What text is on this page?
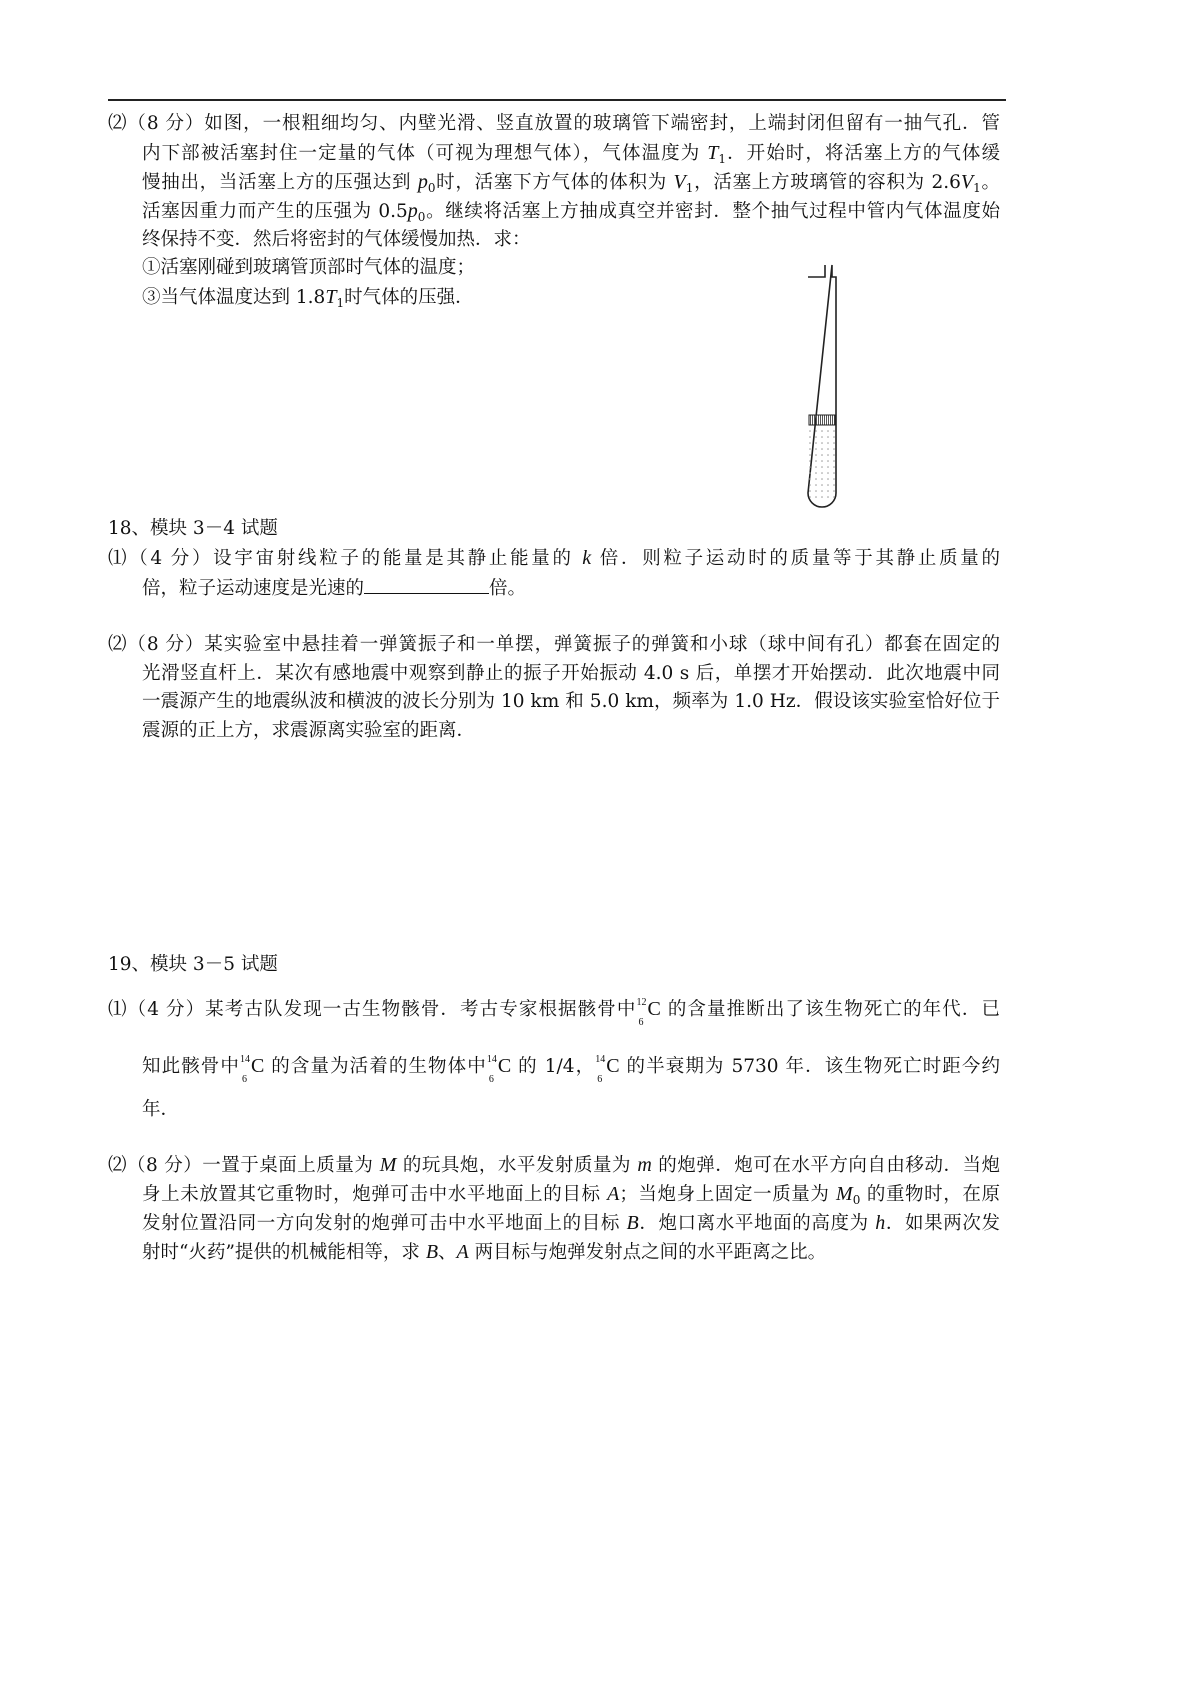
⑵（8 分）如图，一根粗细均匀、内壁光滑、竖直放置的玻璃管下端密封，上端封闭但留有一抽气孔．管
内下部被活塞封住一定量的气体（可视为理想气体），气体温度为 $T_1$．开始时，将活塞上方的气体缓
慢抽出，当活塞上方的压强达到 $p_0$时，活塞下方气体的体积为 $V_1$，活塞上方玻璃管的容积为 $2.6V_1$。
活塞因重力而产生的压强为 $0.5p_0$。继续将活塞上方抽成真空并密封．整个抽气过程中管内气体温度始
终保持不变．然后将密封的气体缓慢加热．求：
①活塞刚碰到玻璃管顶部时气体的温度；
③当气体温度达到 $1.8T_1$时气体的压强．
18、模块 3－4 试题
⑴（4 分）设宇宙射线粒子的能量是其静止能量的 k 倍．则粒子运动时的质量等于其静止质量的
倍，粒子运动速度是光速的	倍。
⑵（8 分）某实验室中悬挂着一弹簧振子和一单摆，弹簧振子的弹簧和小球（球中间有孔）都套在固定的
光滑竖直杆上．某次有感地震中观察到静止的振子开始振动 4.0 s 后，单摆才开始摆动．此次地震中同
一震源产生的地震纵波和横波的波长分别为 10 km 和 5.0 km，频率为 1.0 Hz．假设该实验室恰好位于
震源的正上方，求震源离实验室的距离．
19、模块 3－5 试题
⑴（4 分）某考古队发现一古生物骸骨．考古专家根据骸骨中 12
6
C 的含量推断出了该生物死亡的年代．已
知此骸骨中 14
6
C 的含量为活着的生物体中 14
6
C 的 1/4， 14
6
C 的半衰期为 5730 年．该生物死亡时距今约
年．
⑵（8 分）一置于桌面上质量为 M 的玩具炮，水平发射质量为 m 的炮弹．炮可在水平方向自由移动．当炮
身上未放置其它重物时，炮弹可击中水平地面上的目标 A；当炮身上固定一质量为 $M_0$ 的重物时，在原
发射位置沿同一方向发射的炮弹可击中水平地面上的目标 B．炮口离水平地面的高度为 h．如果两次发
射时“火药”提供的机械能相等，求 B、A 两目标与炮弹发射点之间的水平距离之比。
